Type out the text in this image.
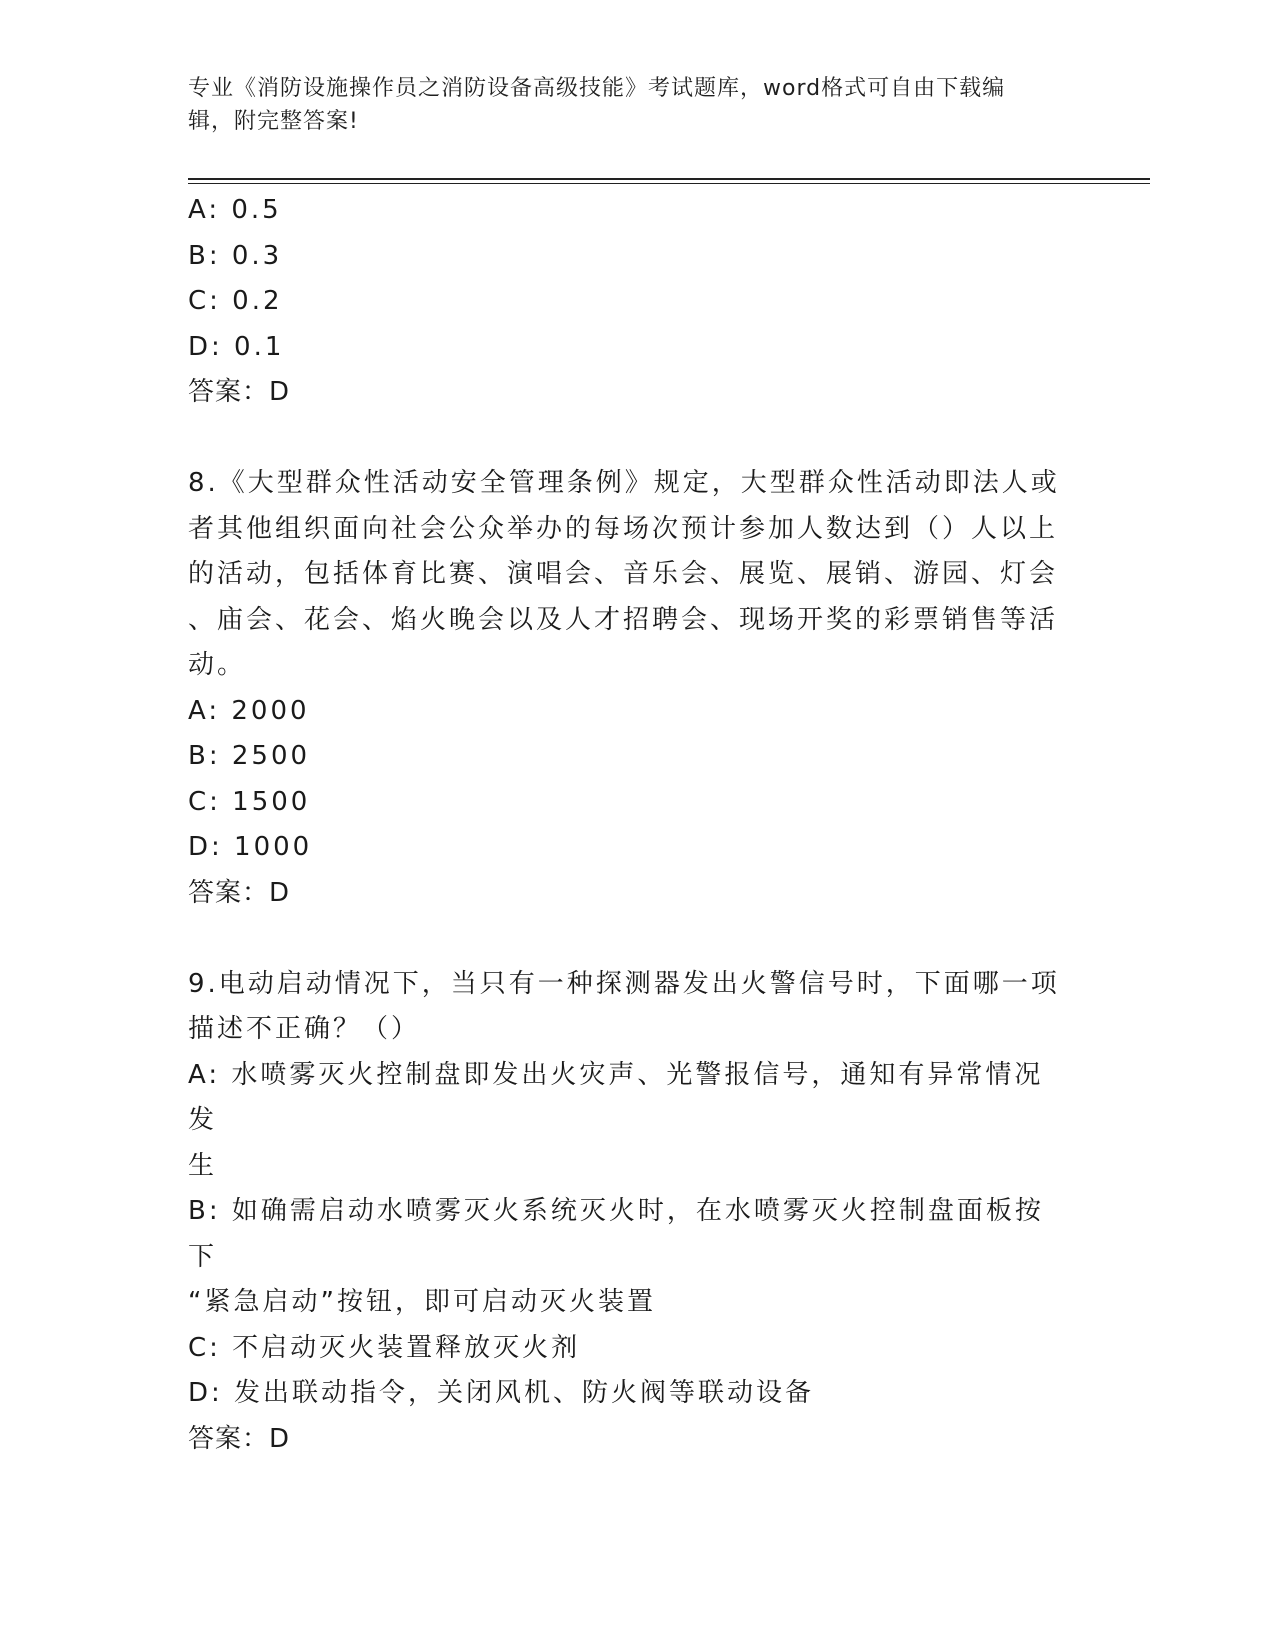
专业《消防设施操作员之消防设备高级技能》考试题库，word格式可自由下载编
辑，附完整答案!

A: 0.5

B: 0.3

C: 0.2

D: 0.1

答案：D

8.《大型群众性活动安全管理条例》规定，大型群众性活动即法人或

者其他组织面向社会公众举办的每场次预计参加人数达到（）人以上

的活动，包括体育比赛、演唱会、音乐会、展览、展销、游园、灯会

、庙会、花会、焰火晚会以及人才招聘会、现场开奖的彩票销售等活

动。

A: 2000

B: 2500

C: 1500

D: 1000

答案：D

9.电动启动情况下，当只有一种探测器发出火警信号时，下面哪一项

描述不正确？（）

A: 水喷雾灭火控制盘即发出火灾声、光警报信号，通知有异常情况发

生

B: 如确需启动水喷雾灭火系统灭火时，在水喷雾灭火控制盘面板按下

“紧急启动”按钮，即可启动灭火装置

C: 不启动灭火装置释放灭火剂

D: 发出联动指令，关闭风机、防火阀等联动设备

答案：D
